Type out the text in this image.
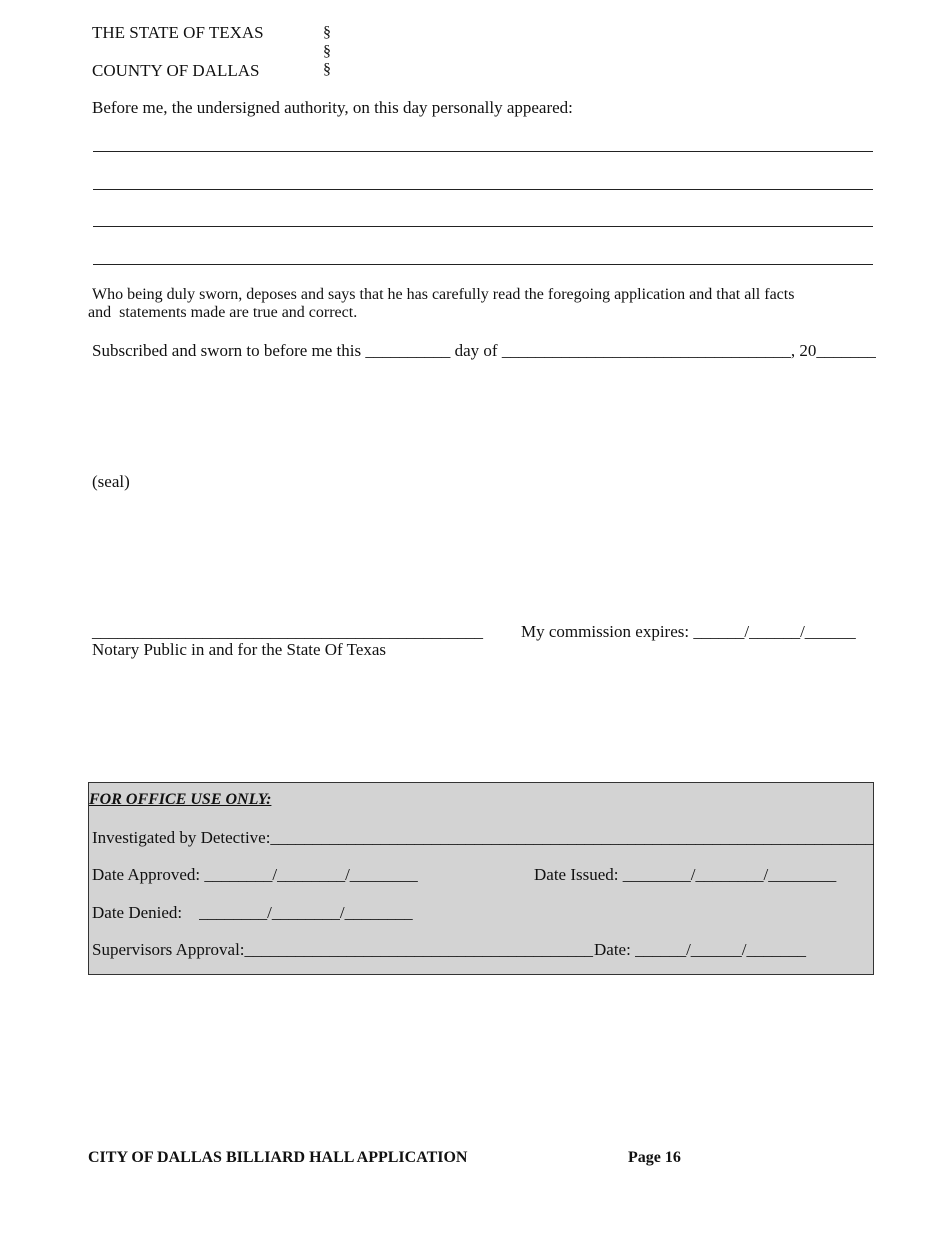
THE STATE OF TEXAS
COUNTY OF DALLAS
§
§
§
Before me, the undersigned authority, on this day personally appeared:
Who being duly sworn, deposes and says that he has carefully read the foregoing application and that all facts
and  statements made are true and correct.
Subscribed and sworn to before me this __________ day of __________________________________, 20_______
(seal)
______________________________________________
Notary Public in and for the State Of Texas
My commission expires: ______/______/______
FOR OFFICE USE ONLY:
Investigated by Detective:_______________________________________________________________________
Date Approved: ________/________/________	Date Issued: ________/________/________
Date Denied:    ________/________/________
Supervisors Approval:_________________________________________ Date: ______/______/_______
CITY OF DALLAS BILLIARD HALL APPLICATION	Page 16
